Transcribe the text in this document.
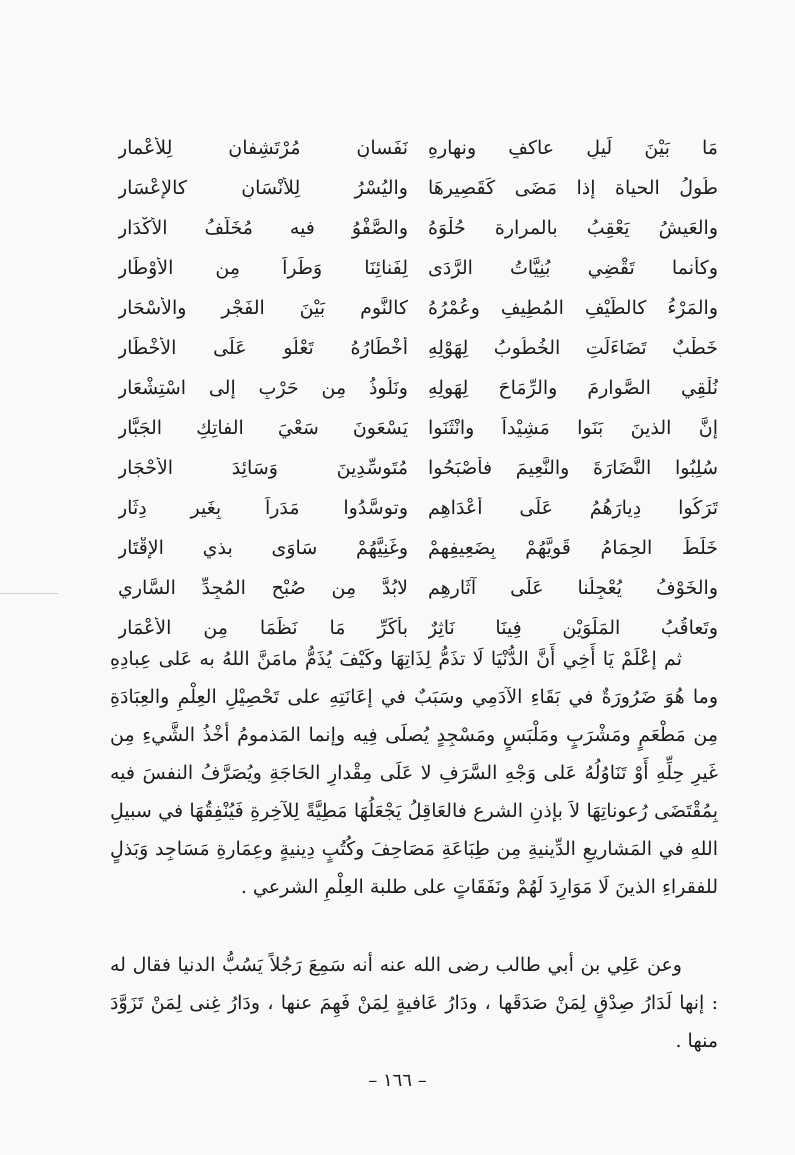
مَا بَيْنَ لَيلٍ عاكفٍ ونهارهِ
نَفَسانِ مُرْتَشِفانِ لِلأَعْمارِ
طُولُ الحياة إذا مَضَى كَقَصِيرِهَا
واليُسْرُ لِلأنْسَانِ كالإِعْسَارِ
والعَيشُ يَعْقِبُ بالمرارة حُلْوَهُ
والصَّفْوُ فيه مُخَلَّفُ الأَكْدَارِ
وكأنما تَقْضِي بُنِيَّاتُ الرَّدَى
لِفَنائِنَا وَطَراً مِن الأَوْطَارِ
والمَرْءُ كالطَّيْفِ المُطِيفِ وعُمْرُهُ
كالنَّومِ بَيْنَ الفَجْرِ والأَسْحَارِ
خَطْبٌ تَضَاءَلَتِ الخُطُوبُ لِهَوْلِهِ
أَخْطَارُهُ تَعْلُو عَلَى الأَخْطَارِ
نُلْقِي الصَّوارِمَ والرِّمَاحَ لِهَولِهِ
ونَلُوذُ مِن حَرْبٍ إلى اسْتِشْعَارِ
إنَّ الذينَ بَنَوا مَشِيْداً وانْثَنَوا
يَسْعَونَ سَعْيَ الفاتِكِ الجَبَّارِ
سُلِبُوا النَّضَارَةَ والنَّعِيمَ فأصْبَحُوا
مُتَوسِّدِينَ وَسَائِدَ الأَحْجَارِ
تَرَكُوا دِيارَهُمُ عَلَى أَعْدَاهِمِ
وتوسَّدُوا مَدَراً بِغَيرِ دِثَارِ
خَلَطَ الحِمَامُ قَوِيَّهُمْ بِضَعِيفِهِمْ
وغَنِيَّهُمْ سَاوَى بذي الإِقْتَارِ
والخَوْفُ يُعْجِلُنا عَلَى آثَارِهِمِ
لابُدَّ مِن صُبْحِ المُجِدِّ السَّارِي
وتَعاقُبُ المَلَوَيْنِ فِينَا نَاثِرٌ
بأكَرِّ مَا نَظَمَا مِن الأَعْمَارِ

ثم إعْلَمْ يَا أَخِي أَنَّ الدُّنْيَا لَا تذَمُّ لِذَاتِهَا وكَيْفَ يُذَمُّ مامَنَّ اللهُ به عَلى عِبادِهِ وما هُوَ ضَرُورَةٌ في بَقَاءِ الآدَمِي وسَبَبٌ في إعَانَتِهِ على تَحْصِيْلِ العِلْمِ والعِبَادَةِ مِن مَطْعَمٍ ومَشْرَبٍ ومَلْبَسٍ ومَسْجِدٍ يُصلَى فِيه وإنما المَذمومُ أخْذُ الشَّيءِ مِن غَيرِ حِلِّهِ أَوْ تَنَاوُلُهُ عَلى وَجْهِ السَّرَفِ لا عَلَى مِقْدارِ الحَاجَةِ ويُصَرَّفُ النفسَ فيه بِمُقْتَضَى رُعوناتِهَا لاَ بإذنِ الشرع فالعَاقِلُ يَجْعَلُهَا مَطِيَّةً لِلآخِرةِ فَيُنْفِقُهَا في سبيلِ اللهِ في المَشاريعِ الدِّينيةِ مِن طِبَاعَةِ مَصَاحِفَ وكُتُبٍ دِينيةٍ وعِمَارةِ مَسَاجِد وَبَذلٍ للفقراءِ الذينَ لَا مَوَارِدَ لَهُمْ ونَفَقَاتٍ على طلبة العِلْمِ الشرعي .

وعن عَلِي بن أبي طالب رضى الله عنه أنه سَمِعَ رَجُلاً يَسُبُّ الدنيا فقال له : إنها لَدَارُ صِدْقٍ لِمَنْ صَدَقَها ، ودَارُ عَافيةٍ لِمَنْ فَهِمَ عنها ، ودَارُ غِنى لِمَنْ تَزَوَّدَ منها .

– ١٦٦ –
